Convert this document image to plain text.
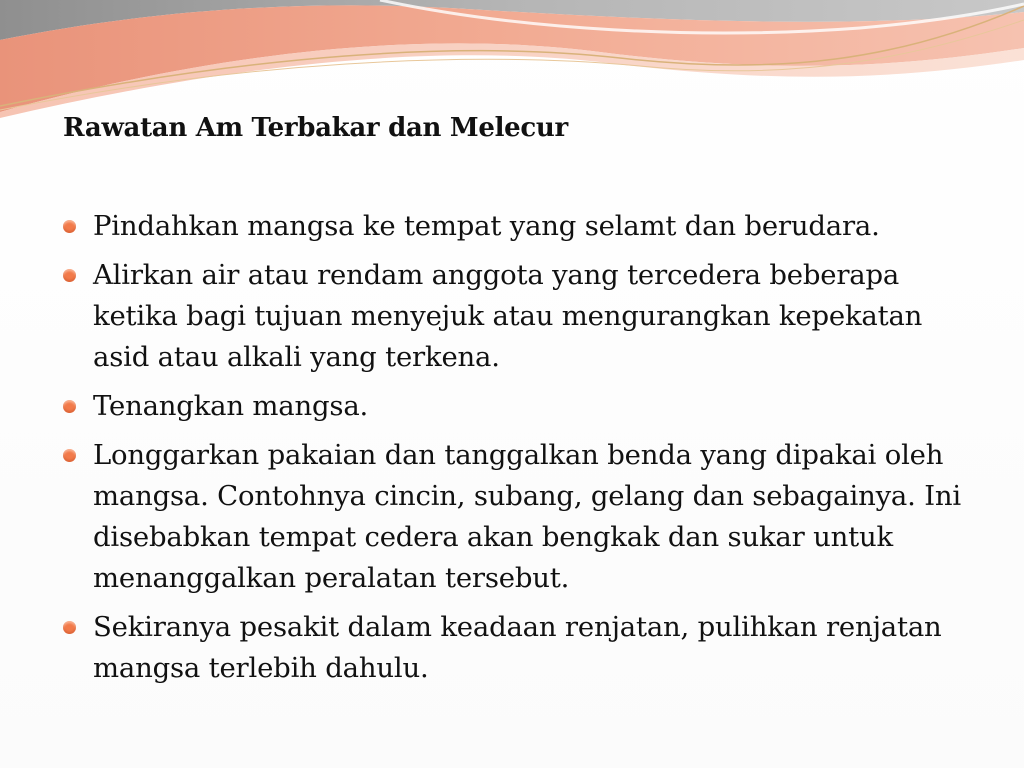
Rawatan Am Terbakar dan Melecur
Pindahkan mangsa ke tempat yang selamt dan berudara.
Alirkan air atau rendam anggota yang tercedera beberapa ketika bagi tujuan menyejuk atau mengurangkan kepekatan asid atau alkali yang terkena.
Tenangkan mangsa.
Longgarkan pakaian dan tanggalkan benda yang dipakai oleh mangsa. Contohnya cincin, subang, gelang dan sebagainya. Ini disebabkan tempat cedera akan bengkak dan sukar untuk menanggalkan peralatan tersebut.
Sekiranya pesakit dalam keadaan renjatan, pulihkan renjatan mangsa terlebih dahulu.
